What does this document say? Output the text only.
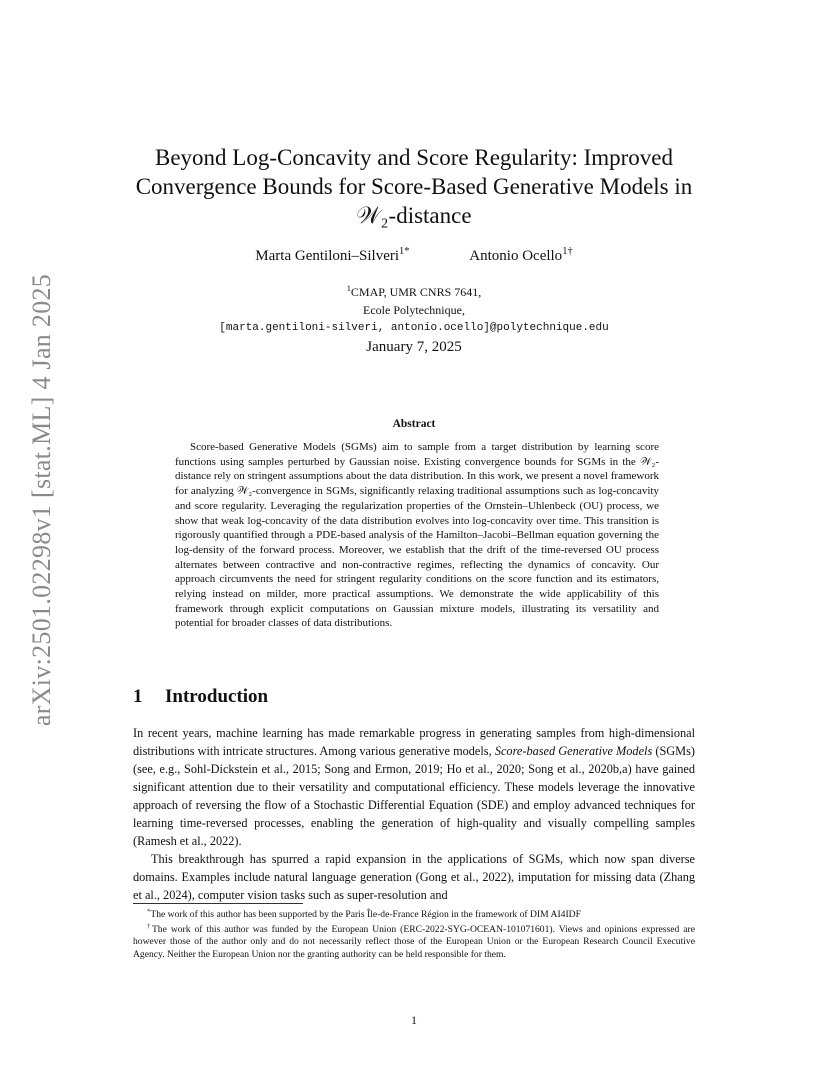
arXiv:2501.02298v1 [stat.ML] 4 Jan 2025
Beyond Log-Concavity and Score Regularity: Improved
Convergence Bounds for Score-Based Generative Models in
𝒲₂-distance
Marta Gentiloni–Silveri$^{1*}$	Antonio Ocello$^{1\dagger}$
$^1$CMAP, UMR CNRS 7641,
Ecole Polytechnique,
[marta.gentiloni-silveri, antonio.ocello]@polytechnique.edu
January 7, 2025
Abstract
Score-based Generative Models (SGMs) aim to sample from a target distribution by learning score functions using samples perturbed by Gaussian noise. Existing convergence bounds for SGMs in the 𝒲₂-distance rely on stringent assumptions about the data distribution. In this work, we present a novel framework for analyzing 𝒲₂-convergence in SGMs, significantly relaxing traditional assumptions such as log-concavity and score regularity. Leveraging the regularization properties of the Ornstein–Uhlenbeck (OU) process, we show that weak log-concavity of the data distribution evolves into log-concavity over time. This transition is rigorously quantified through a PDE-based analysis of the Hamilton–Jacobi–Bellman equation governing the log-density of the forward process. Moreover, we establish that the drift of the time-reversed OU process alternates between contractive and non-contractive regimes, reflecting the dynamics of concavity. Our approach circumvents the need for stringent regularity conditions on the score function and its estimators, relying instead on milder, more practical assumptions. We demonstrate the wide applicability of this framework through explicit computations on Gaussian mixture models, illustrating its versatility and potential for broader classes of data distributions.
1 Introduction

In recent years, machine learning has made remarkable progress in generating samples from high-dimensional distributions with intricate structures. Among various generative models, Score-based Generative Models (SGMs) (see, e.g., Sohl-Dickstein et al., 2015; Song and Ermon, 2019; Ho et al., 2020; Song et al., 2020b,a) have gained significant attention due to their versatility and computational efficiency. These models leverage the innovative approach of reversing the flow of a Stochastic Differential Equation (SDE) and employ advanced techniques for learning time-reversed processes, enabling the generation of high-quality and visually compelling samples (Ramesh et al., 2022).

This breakthrough has spurred a rapid expansion in the applications of SGMs, which now span diverse domains. Examples include natural language generation (Gong et al., 2022), imputation for missing data (Zhang et al., 2024), computer vision tasks such as super-resolution and

*The work of this author has been supported by the Paris Île-de-France Région in the framework of DIM AI4IDF

†The work of this author was funded by the European Union (ERC-2022-SYG-OCEAN-101071601). Views and opinions expressed are however those of the author only and do not necessarily reflect those of the European Union or the European Research Council Executive Agency. Neither the European Union nor the granting authority can be held responsible for them.

1
